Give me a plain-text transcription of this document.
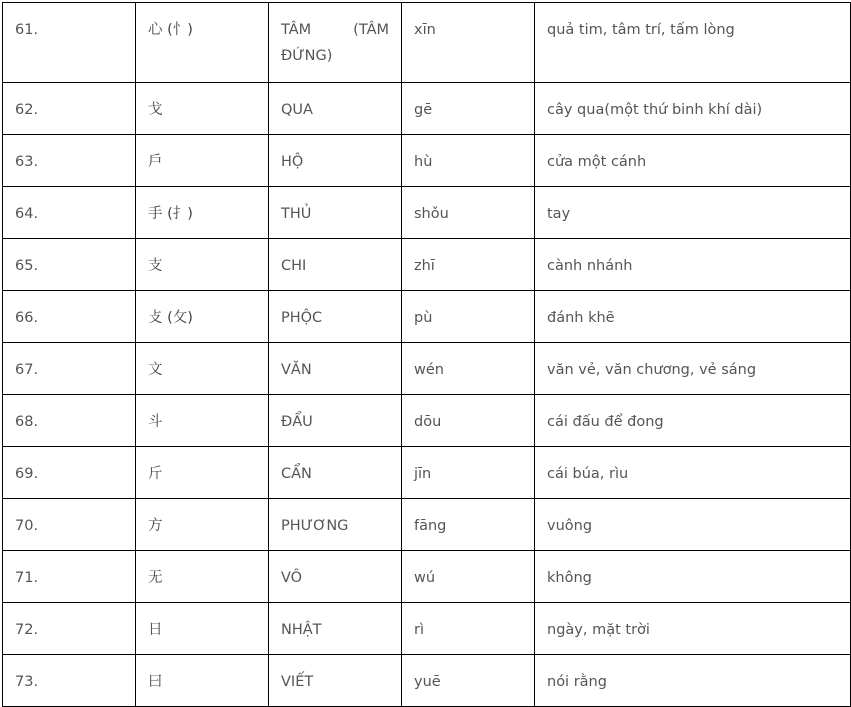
61.	心 (忄)	TÂM (TÂM ĐỨNG)	xīn	quả tim, tâm trí, tấm lòng
62.	戈	QUA	gē	cây qua(một thứ binh khí dài)
63.	戶	HỘ	hù	cửa một cánh
64.	手 (扌)	THỦ	shǒu	tay
65.	支	CHI	zhī	cành nhánh
66.	攴 (攵)	PHỘC	pù	đánh khẽ
67.	文	VĂN	wén	văn vẻ, văn chương, vẻ sáng
68.	斗	ĐẨU	dōu	cái đấu để đong
69.	斤	CẨN	jīn	cái búa, rìu
70.	方	PHƯƠNG	fāng	vuông
71.	无	VÔ	wú	không
72.	日	NHẬT	rì	ngày, mặt trời
73.	曰	VIẾT	yuē	nói rằng
